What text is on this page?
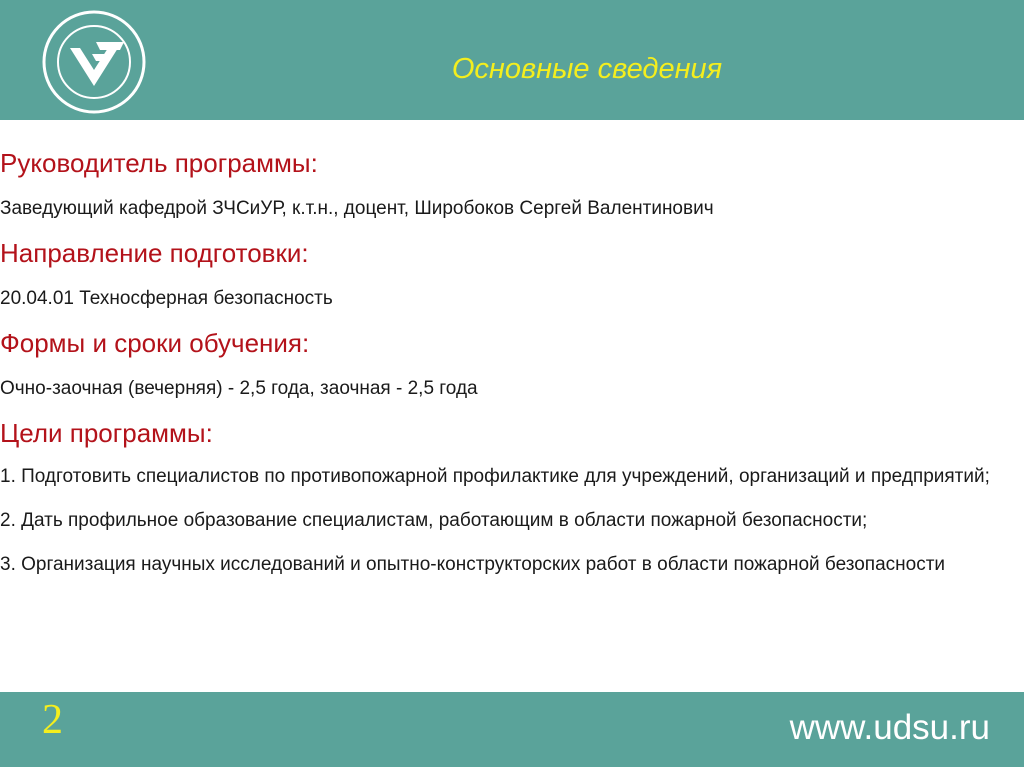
Основные сведения
Руководитель программы:
Заведующий кафедрой ЗЧСиУР, к.т.н., доцент, Широбоков Сергей Валентинович
Направление подготовки:
20.04.01 Техносферная безопасность
Формы и сроки обучения:
Очно-заочная (вечерняя) - 2,5 года, заочная - 2,5 года
Цели программы:
1. Подготовить специалистов по противопожарной профилактике для учреждений, организаций и предприятий;
2. Дать профильное образование специалистам, работающим в области пожарной безопасности;
3. Организация научных исследований и опытно-конструкторских работ в области пожарной безопасности
2	www.udsu.ru
